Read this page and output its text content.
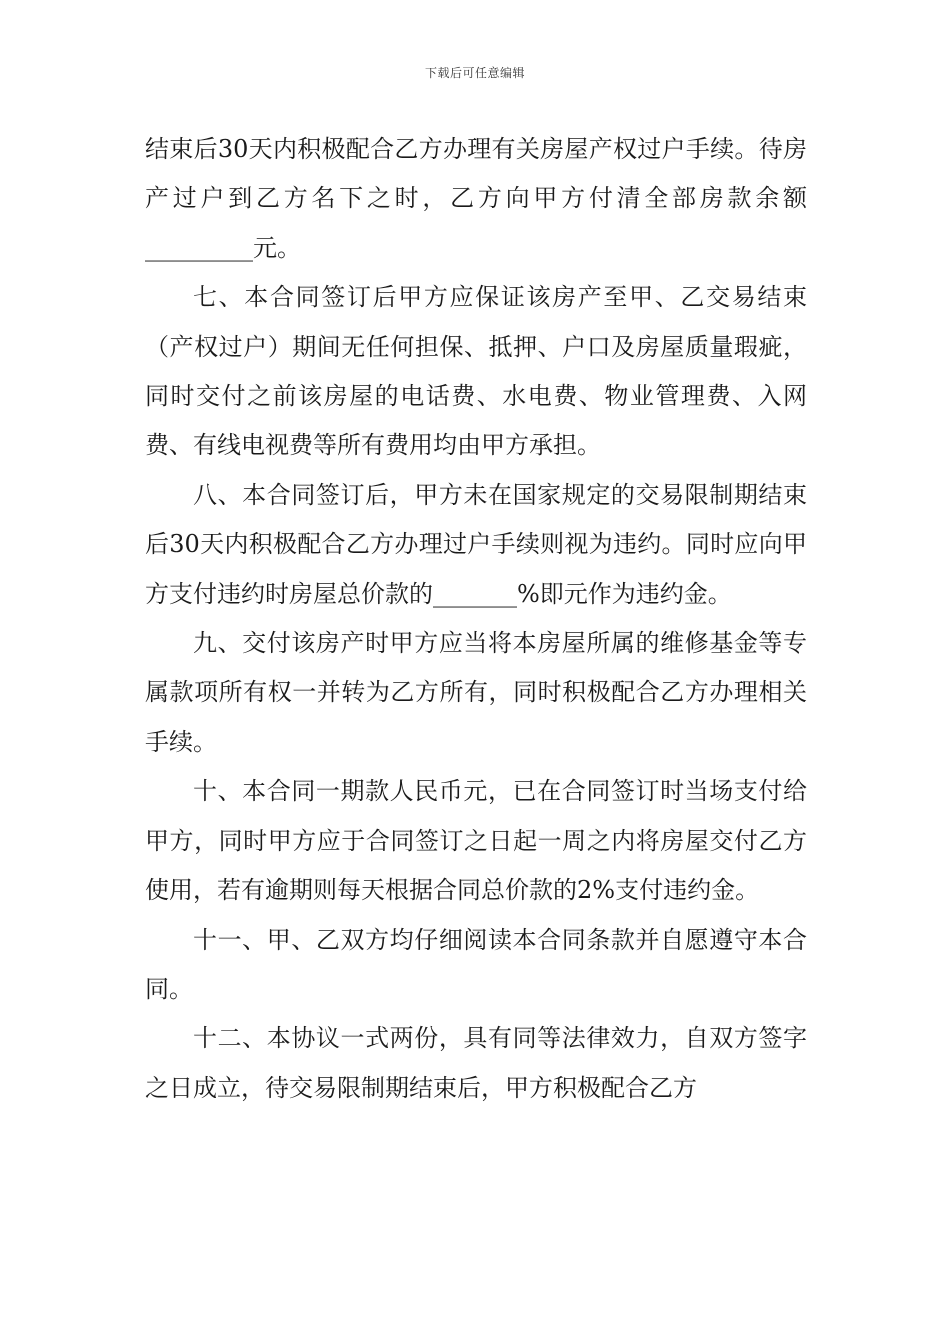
下载后可任意编辑

结束后30天内积极配合乙方办理有关房屋产权过户手续。待房产过户到乙方名下之时，乙方向甲方付清全部房款余额_________元。

七、本合同签订后甲方应保证该房产至甲、乙交易结束（产权过户）期间无任何担保、抵押、户口及房屋质量瑕疵，同时交付之前该房屋的电话费、水电费、物业管理费、入网费、有线电视费等所有费用均由甲方承担。

八、本合同签订后，甲方未在国家规定的交易限制期结束后30天内积极配合乙方办理过户手续则视为违约。同时应向甲方支付违约时房屋总价款的_______%即元作为违约金。

九、交付该房产时甲方应当将本房屋所属的维修基金等专属款项所有权一并转为乙方所有，同时积极配合乙方办理相关手续。

十、本合同一期款人民币元，已在合同签订时当场支付给甲方，同时甲方应于合同签订之日起一周之内将房屋交付乙方使用，若有逾期则每天根据合同总价款的2%支付违约金。

十一、甲、乙双方均仔细阅读本合同条款并自愿遵守本合同。

十二、本协议一式两份，具有同等法律效力，自双方签字之日成立，待交易限制期结束后，甲方积极配合乙方
